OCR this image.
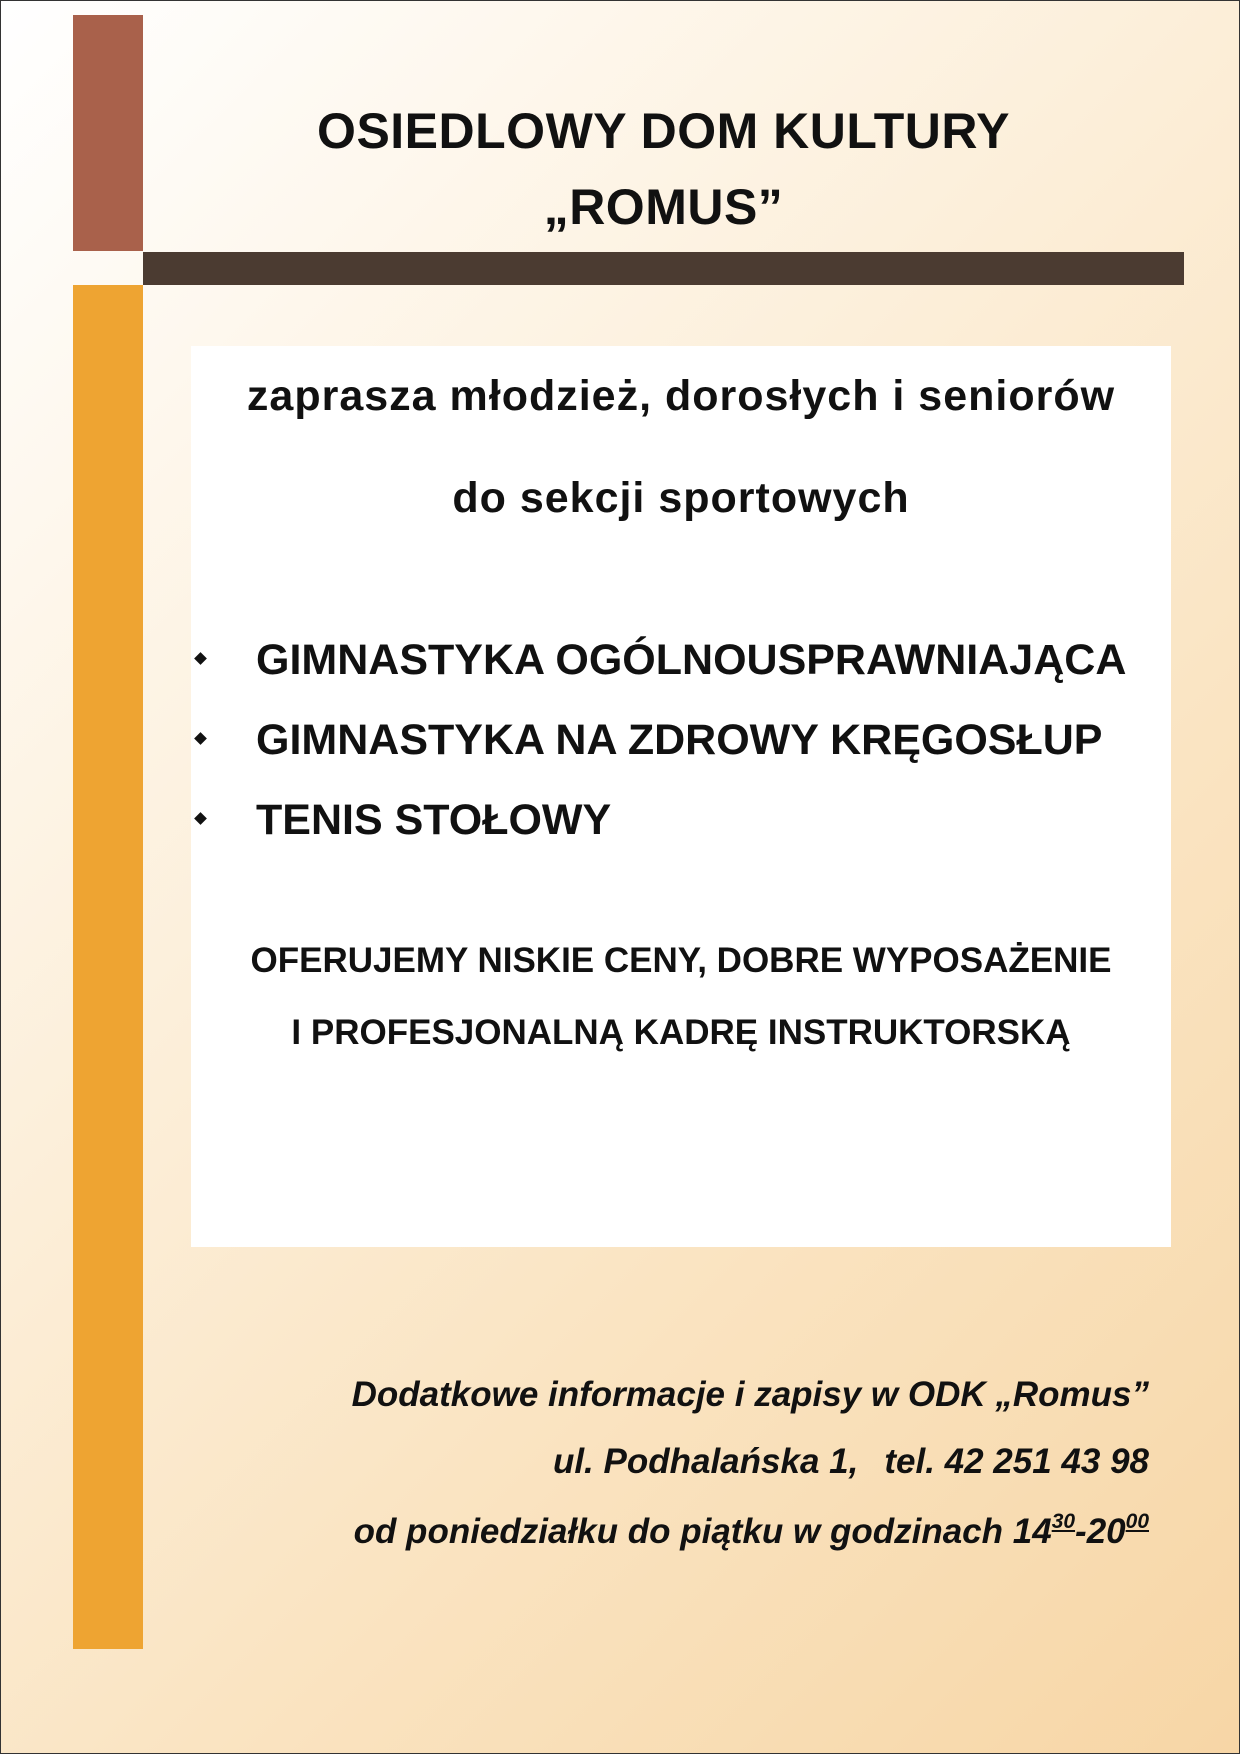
OSIEDLOWY DOM KULTURY
„ROMUS”
zaprasza młodzież, dorosłych i seniorów
do sekcji sportowych
GIMNASTYKA OGÓLNOUSPRAWNIAJĄCA
GIMNASTYKA NA ZDROWY KRĘGOSŁUP
TENIS STOŁOWY
OFERUJEMY NISKIE CENY, DOBRE WYPOSAŻENIE
I PROFESJONALNĄ KADRĘ INSTRUKTORSKĄ
Dodatkowe informacje i zapisy w ODK „Romus”
ul. Podhalańska 1, tel. 42 251 43 98
od poniedziałku do piątku w godzinach $14^{30}-20^{00}$
